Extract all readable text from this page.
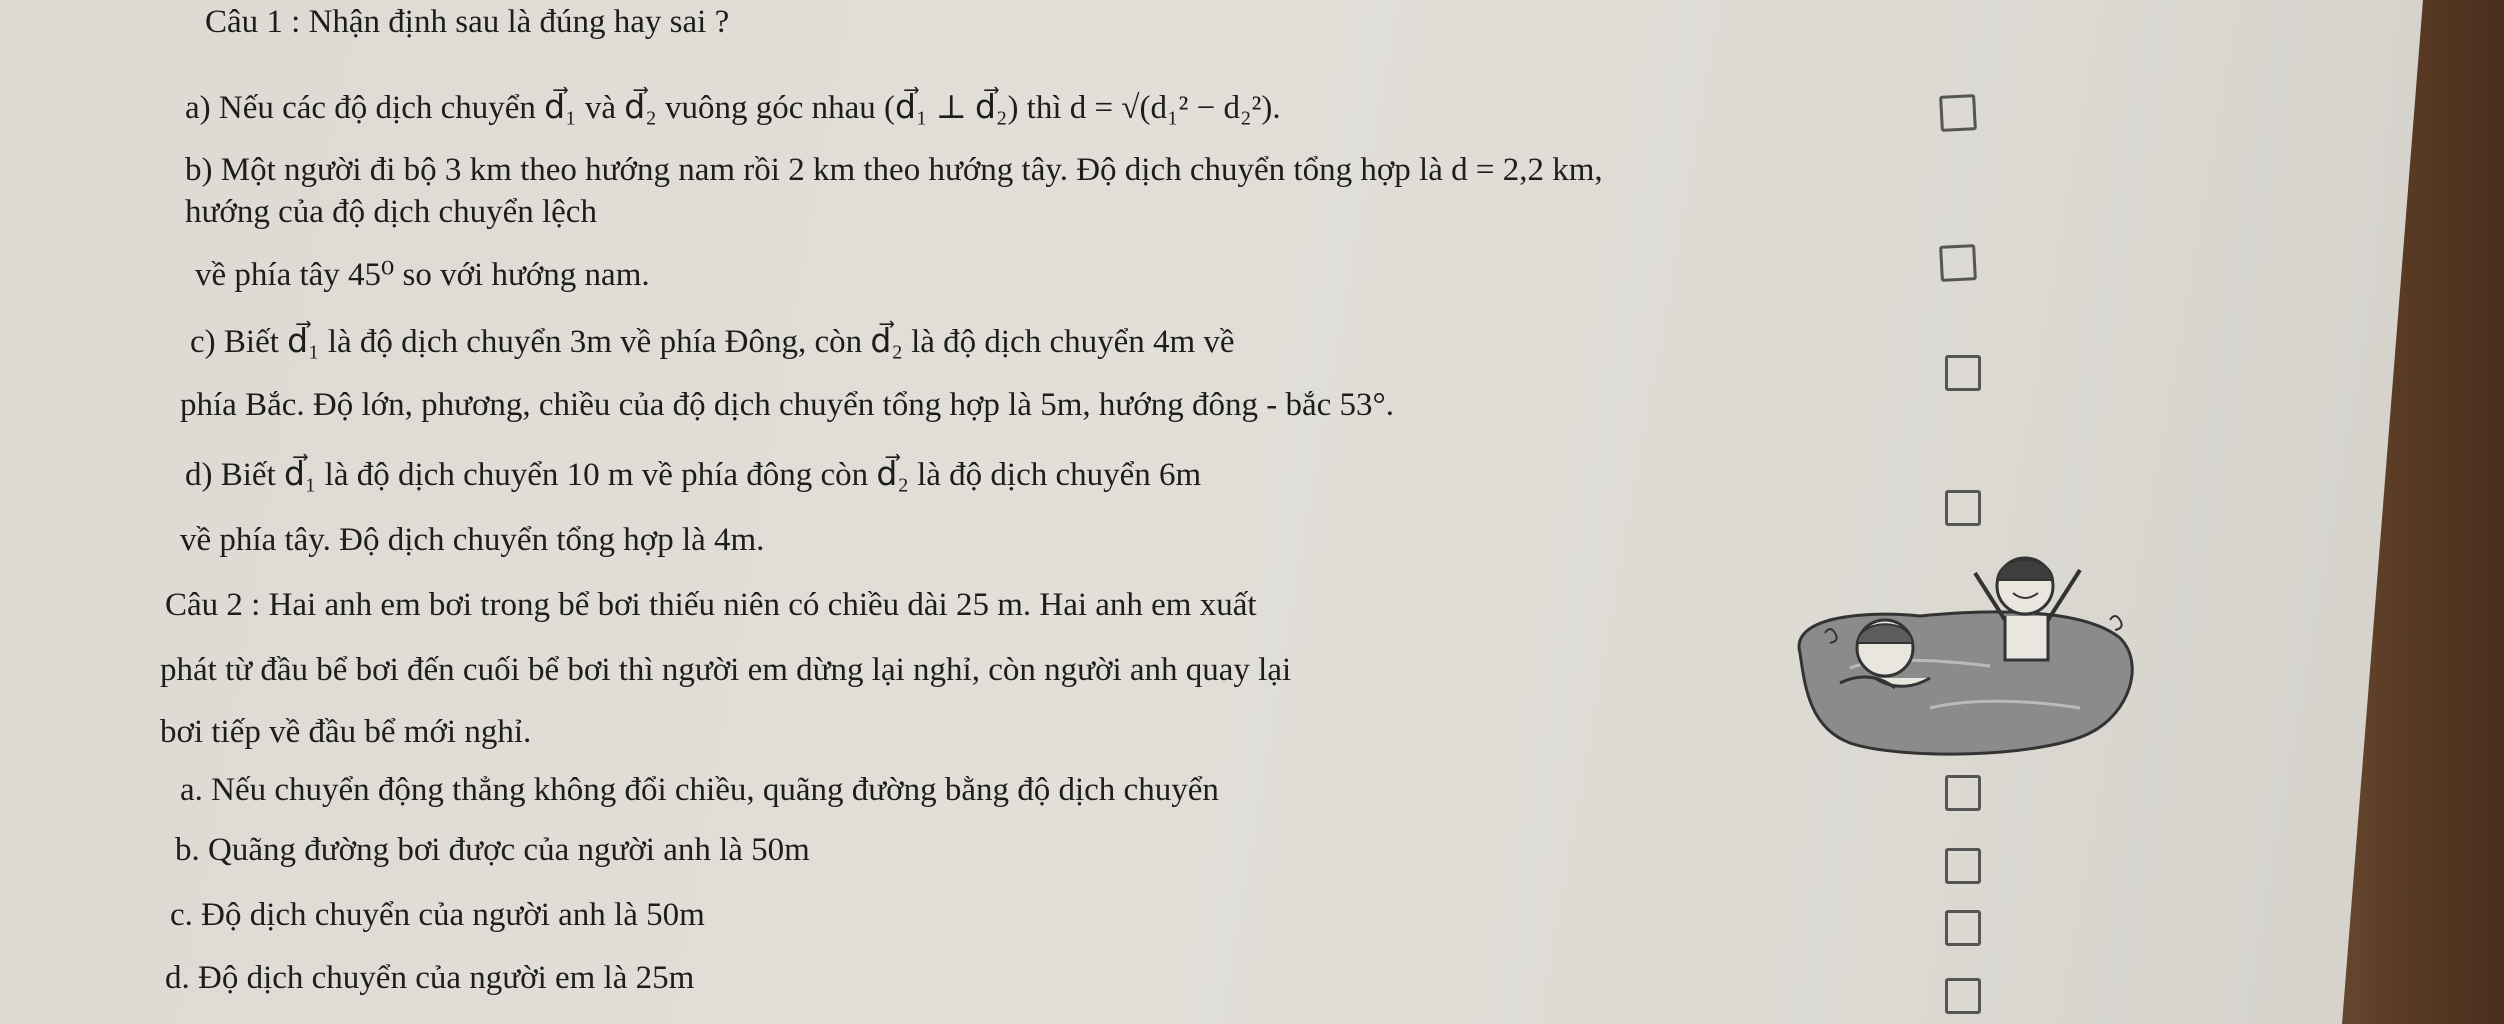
Câu 1 : Nhận định sau là đúng hay sai ?
a) Nếu các độ dịch chuyển d⃗₁ và d⃗₂ vuông góc nhau (d⃗₁ ⊥ d⃗₂) thì d = √(d₁² − d₂²).
b) Một người đi bộ 3 km theo hướng nam rồi 2 km theo hướng tây. Độ dịch chuyển tổng hợp là d = 2,2 km,
hướng của độ dịch chuyển lệch
về phía tây 45⁰ so với hướng nam.
c) Biết d⃗₁ là độ dịch chuyển 3m về phía Đông, còn d⃗₂ là độ dịch chuyển 4m về
phía Bắc. Độ lớn, phương, chiều của độ dịch chuyển tổng hợp là 5m, hướng đông - bắc 53°.
d) Biết d⃗₁ là độ dịch chuyển 10 m về phía đông còn d⃗₂ là độ dịch chuyển 6m
về phía tây. Độ dịch chuyển tổng hợp là 4m.
Câu 2 : Hai anh em bơi trong bể bơi thiếu niên có chiều dài 25 m. Hai anh em xuất
phát từ đầu bể bơi đến cuối bể bơi thì người em dừng lại nghỉ, còn người anh quay lại
bơi tiếp về đầu bể mới nghỉ.
a. Nếu chuyển động thẳng không đổi chiều, quãng đường bằng độ dịch chuyển
b. Quãng đường bơi được của người anh là 50m
c. Độ dịch chuyển của người anh là 50m
d. Độ dịch chuyển của người em là 25m
